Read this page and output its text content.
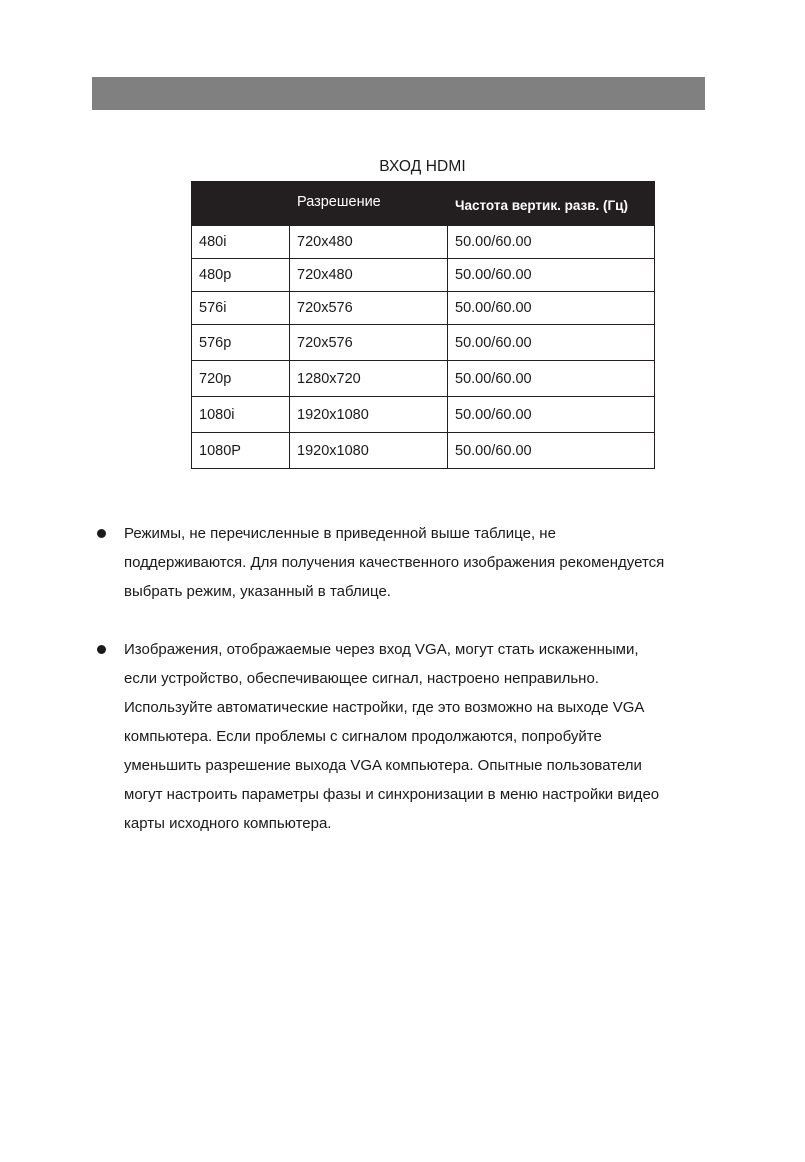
ВХОД HDMI
	Разрешение	Частота вертик. разв. (Гц)
480i	720x480	50.00/60.00
480p	720x480	50.00/60.00
576i	720x576	50.00/60.00
576p	720x576	50.00/60.00
720p	1280x720	50.00/60.00
1080i	1920x1080	50.00/60.00
1080P	1920x1080	50.00/60.00
Режимы, не перечисленные в приведенной выше таблице, не
поддерживаются. Для получения качественного изображения рекомендуется
выбрать режим, указанный в таблице.
Изображения, отображаемые через вход VGA, могут стать искаженными,
если устройство, обеспечивающее сигнал, настроено неправильно.
Используйте автоматические настройки, где это возможно на выходе VGA
компьютера. Если проблемы с сигналом продолжаются, попробуйте
уменьшить разрешение выхода VGA компьютера. Опытные пользователи
могут настроить параметры фазы и синхронизации в меню настройки видео
карты исходного компьютера.
